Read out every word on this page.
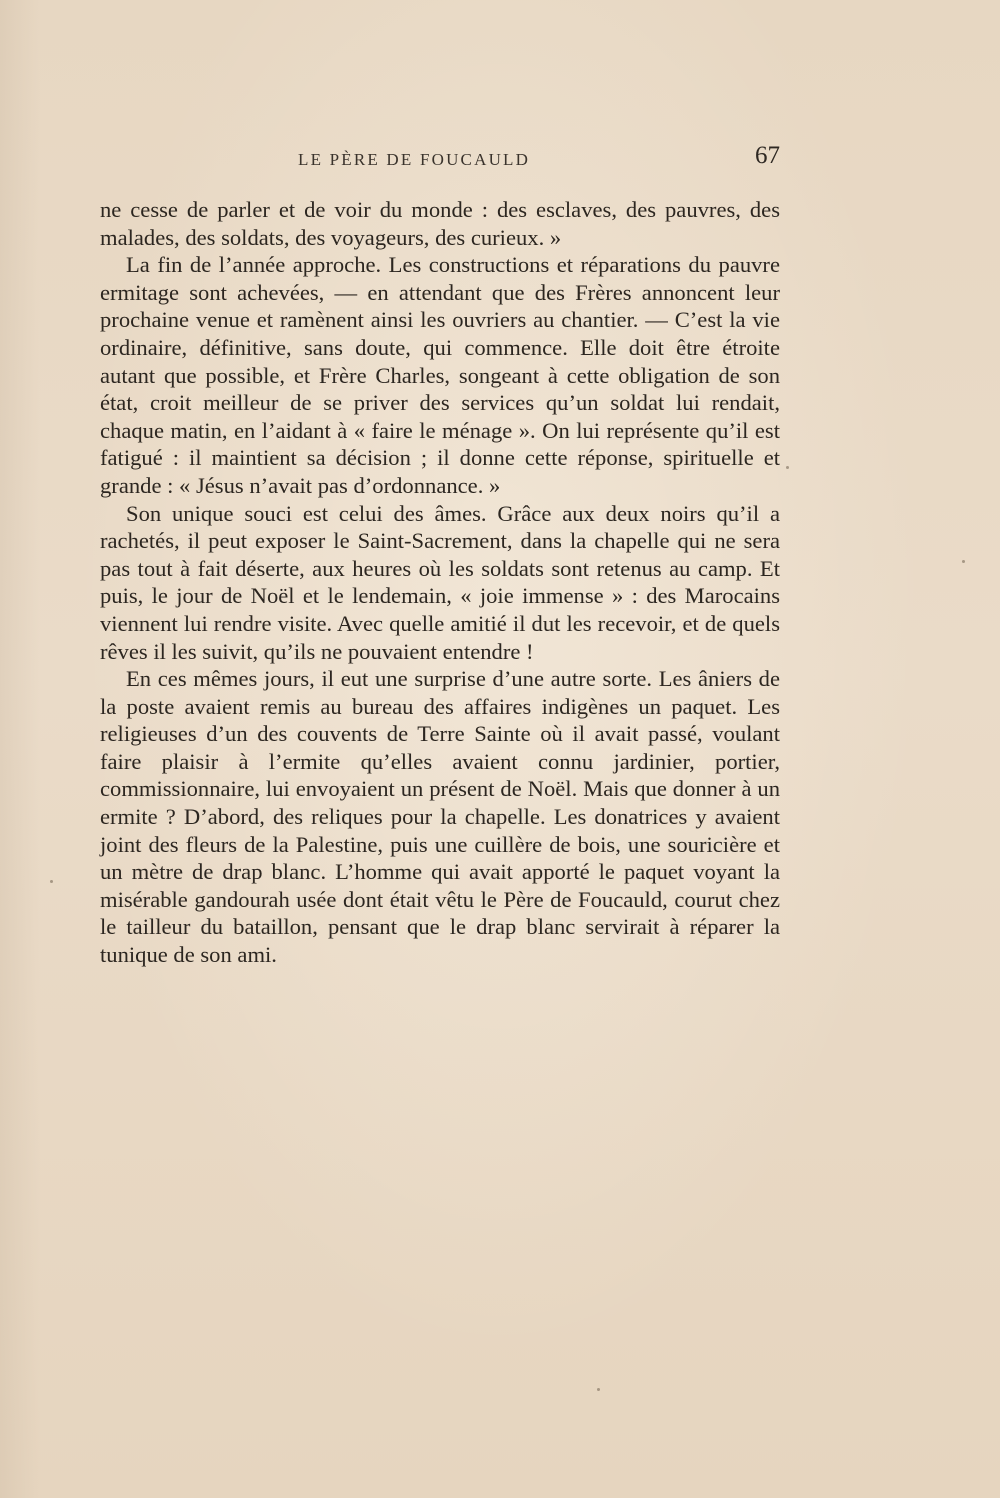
LE PÈRE DE FOUCAULD	67

ne cesse de parler et de voir du monde : des esclaves, des pauvres, des malades, des soldats, des voyageurs, des curieux. »

La fin de l’année approche. Les constructions et réparations du pauvre ermitage sont achevées, — en attendant que des Frères annoncent leur prochaine venue et ramènent ainsi les ouvriers au chantier. — C’est la vie ordinaire, définitive, sans doute, qui commence. Elle doit être étroite autant que possible, et Frère Charles, songeant à cette obligation de son état, croit meilleur de se priver des services qu’un soldat lui rendait, chaque matin, en l’aidant à « faire le ménage ». On lui représente qu’il est fatigué : il maintient sa décision ; il donne cette réponse, spirituelle et grande : « Jésus n’avait pas d’ordonnance. »

Son unique souci est celui des âmes. Grâce aux deux noirs qu’il a rachetés, il peut exposer le Saint-Sacrement, dans la chapelle qui ne sera pas tout à fait déserte, aux heures où les soldats sont retenus au camp. Et puis, le jour de Noël et le lendemain, « joie immense » : des Marocains viennent lui rendre visite. Avec quelle amitié il dut les recevoir, et de quels rêves il les suivit, qu’ils ne pouvaient entendre !

En ces mêmes jours, il eut une surprise d’une autre sorte. Les âniers de la poste avaient remis au bureau des affaires indigènes un paquet. Les religieuses d’un des couvents de Terre Sainte où il avait passé, voulant faire plaisir à l’ermite qu’elles avaient connu jardinier, portier, commissionnaire, lui envoyaient un présent de Noël. Mais que donner à un ermite ? D’abord, des reliques pour la chapelle. Les donatrices y avaient joint des fleurs de la Palestine, puis une cuillère de bois, une souricière et un mètre de drap blanc. L’homme qui avait apporté le paquet voyant la misérable gandourah usée dont était vêtu le Père de Foucauld, courut chez le tailleur du bataillon, pensant que le drap blanc servirait à réparer la tunique de son ami.
